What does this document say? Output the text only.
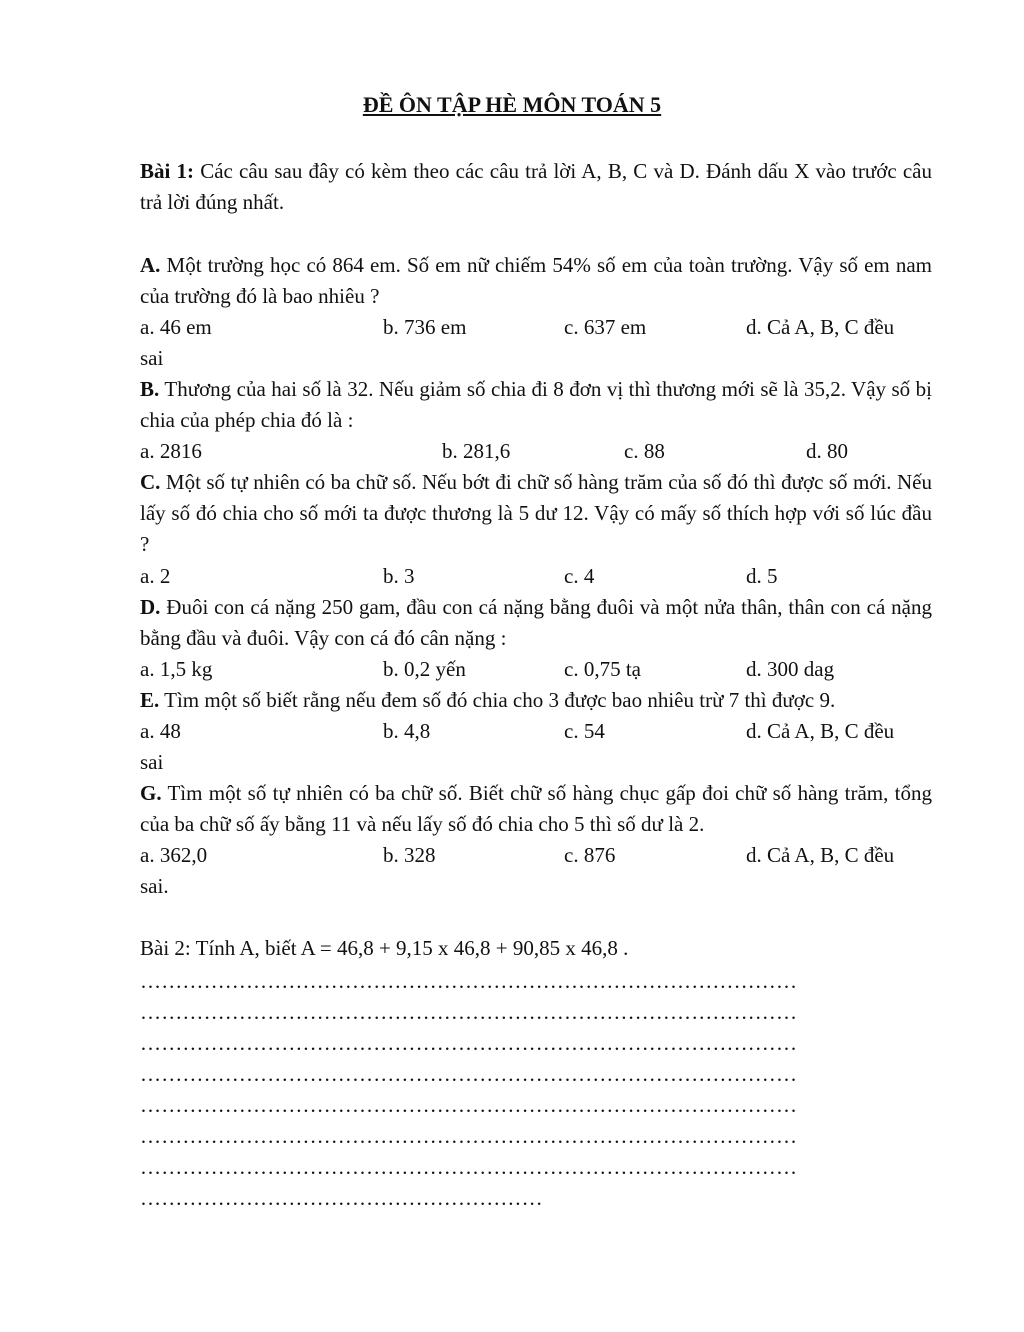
ĐỀ ÔN TẬP HÈ MÔN TOÁN 5
Bài 1: Các câu sau đây có kèm theo các câu trả lời A, B, C và D. Đánh dấu X vào trước câu trả lời đúng nhất.
A. Một trường học có 864 em. Số em nữ chiếm 54% số em của toàn trường. Vậy số em nam của trường đó là bao nhiêu ?
a. 46 em	b. 736 em	c. 637 em	d. Cả A, B, C đều
sai
B. Thương của hai số là 32. Nếu giảm số chia đi 8 đơn vị thì thương mới sẽ là 35,2. Vậy số bị chia của phép chia đó là :
a. 2816	b. 281,6	c. 88	d. 80
C. Một số tự nhiên có ba chữ số. Nếu bớt đi chữ số hàng trăm của số đó thì được số mới. Nếu lấy số đó chia cho số mới ta được thương là 5 dư 12. Vậy có mấy số thích hợp với số lúc đầu ?
a. 2	b. 3	c. 4	d. 5
D. Đuôi con cá nặng 250 gam, đầu con cá nặng bằng đuôi và một nửa thân, thân con cá nặng bằng đầu và đuôi. Vậy con cá đó cân nặng :
a. 1,5 kg	b. 0,2 yến	c. 0,75 tạ	d. 300 dag
E. Tìm một số biết rằng nếu đem số đó chia cho 3 được bao nhiêu trừ 7 thì được 9.
a. 48	b. 4,8	c. 54	d. Cả A, B, C đều
sai
G. Tìm một số tự nhiên có ba chữ số. Biết chữ số hàng chục gấp đoi chữ số hàng trăm, tổng của ba chữ số ấy bằng 11 và nếu lấy số đó chia cho 5 thì số dư là 2.
a. 362,0	b. 328	c. 876	d. Cả A, B, C đều
sai.
Bài 2: Tính A, biết A = 46,8 + 9,15 x 46,8 + 90,85 x 46,8 .
…………………………………………………………………………………
…………………………………………………………………………………
…………………………………………………………………………………
…………………………………………………………………………………
…………………………………………………………………………………
…………………………………………………………………………………
…………………………………………………………………………………
…………………………………………………
